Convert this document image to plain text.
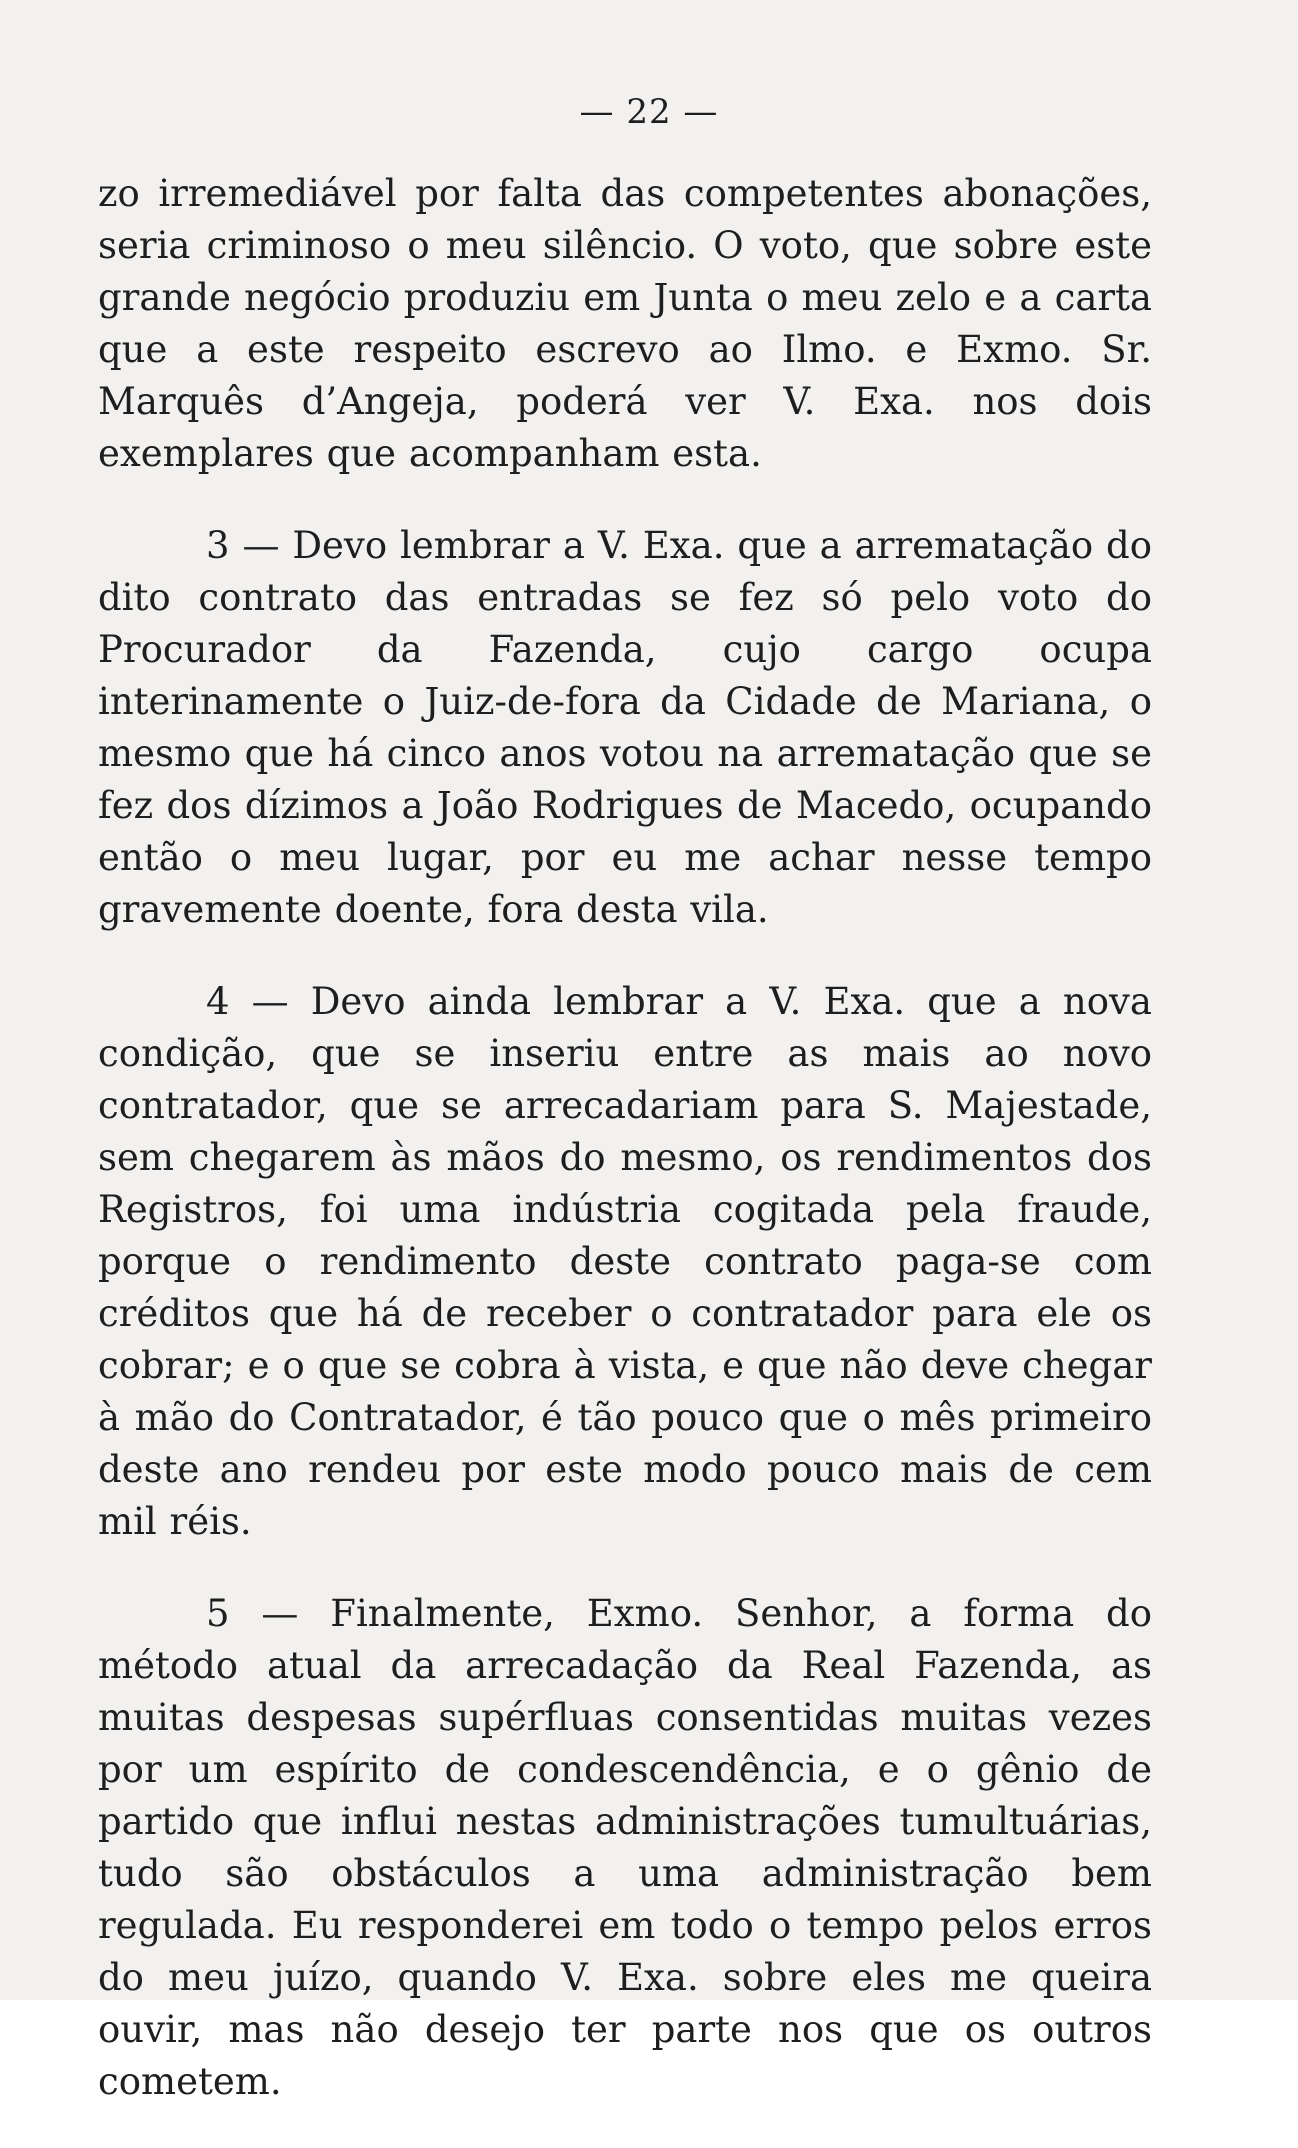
— 22 —

zo irremediável por falta das competentes abonações, seria criminoso o meu silêncio. O voto, que sobre este grande negócio produziu em Junta o meu zelo e a carta que a este respeito escrevo ao Ilmo. e Exmo. Sr. Marquês d’Angeja, poderá ver V. Exa. nos dois exemplares que acompanham esta.

3 — Devo lembrar a V. Exa. que a arrematação do dito contrato das entradas se fez só pelo voto do Procurador da Fazenda, cujo cargo ocupa interinamente o Juiz-de-fora da Cidade de Mariana, o mesmo que há cinco anos votou na arrematação que se fez dos dízimos a João Rodrigues de Macedo, ocupando então o meu lugar, por eu me achar nesse tempo gravemente doente, fora desta vila.

4 — Devo ainda lembrar a V. Exa. que a nova condição, que se inseriu entre as mais ao novo contratador, que se arrecadariam para S. Majestade, sem chegarem às mãos do mesmo, os rendimentos dos Registros, foi uma indústria cogitada pela fraude, porque o rendimento deste contrato paga-se com créditos que há de receber o contratador para ele os cobrar; e o que se cobra à vista, e que não deve chegar à mão do Contratador, é tão pouco que o mês primeiro deste ano rendeu por este modo pouco mais de cem mil réis.

5 — Finalmente, Exmo. Senhor, a forma do método atual da arrecadação da Real Fazenda, as muitas despesas supérfluas consentidas muitas vezes por um espírito de condescendência, e o gênio de partido que influi nestas administrações tumultuárias, tudo são obstáculos a uma administração bem regulada. Eu responderei em todo o tempo pelos erros do meu juízo, quando V. Exa. sobre eles me queira ouvir, mas não desejo ter parte nos que os outros cometem.
